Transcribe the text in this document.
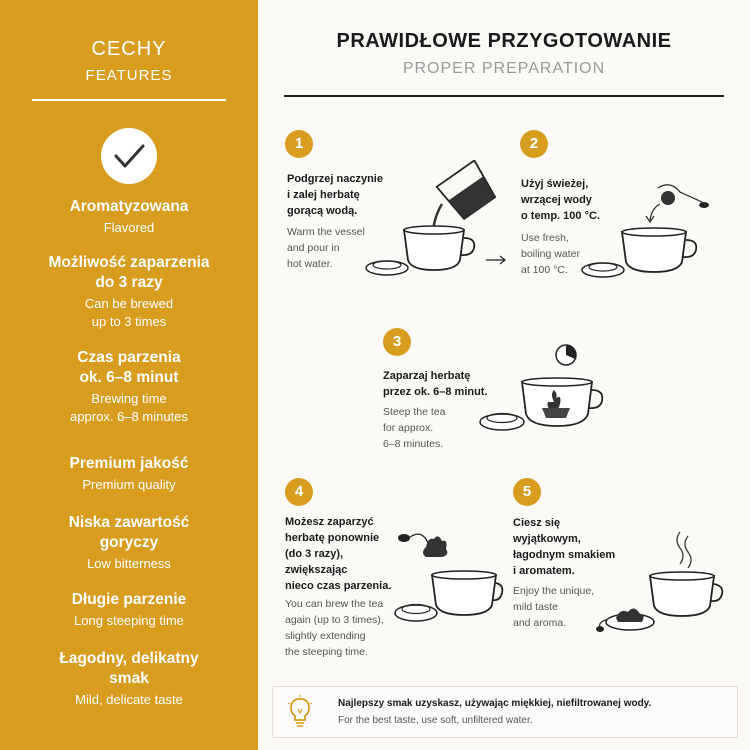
CECHY
FEATURES
Aromatyzowana
Flavored
Możliwość zaparzenia
do 3 razy
Can be brewed
up to 3 times
Czas parzenia
ok. 6–8 minut
Brewing time
approx. 6–8 minutes
Premium jakość
Premium quality
Niska zawartość
goryczy
Low bitterness
Długie parzenie
Long steeping time
Łagodny, delikatny
smak
Mild, delicate taste
PRAWIDŁOWE PRZYGOTOWANIE
PROPER PREPARATION
1
Podgrzej naczynie
i zalej herbatę
gorącą wodą.
Warm the vessel
and pour in
hot water.
2
Użyj świeżej,
wrzącej wody
o temp. 100 °C.
Use fresh,
boiling water
at 100 °C.
3
Zaparzaj herbatę
przez ok. 6–8 minut.
Steep the tea
for approx.
6–8 minutes.
4
Możesz zaparzyć
herbatę ponownie
(do 3 razy),
zwiększając
nieco czas parzenia.
You can brew the tea
again (up to 3 times),
slightly extending
the steeping time.
5
Ciesz się
wyjątkowym,
łagodnym smakiem
i aromatem.
Enjoy the unique,
mild taste
and aroma.
Najlepszy smak uzyskasz, używając miękkiej, niefiltrowanej wody.
For the best taste, use soft, unfiltered water.
